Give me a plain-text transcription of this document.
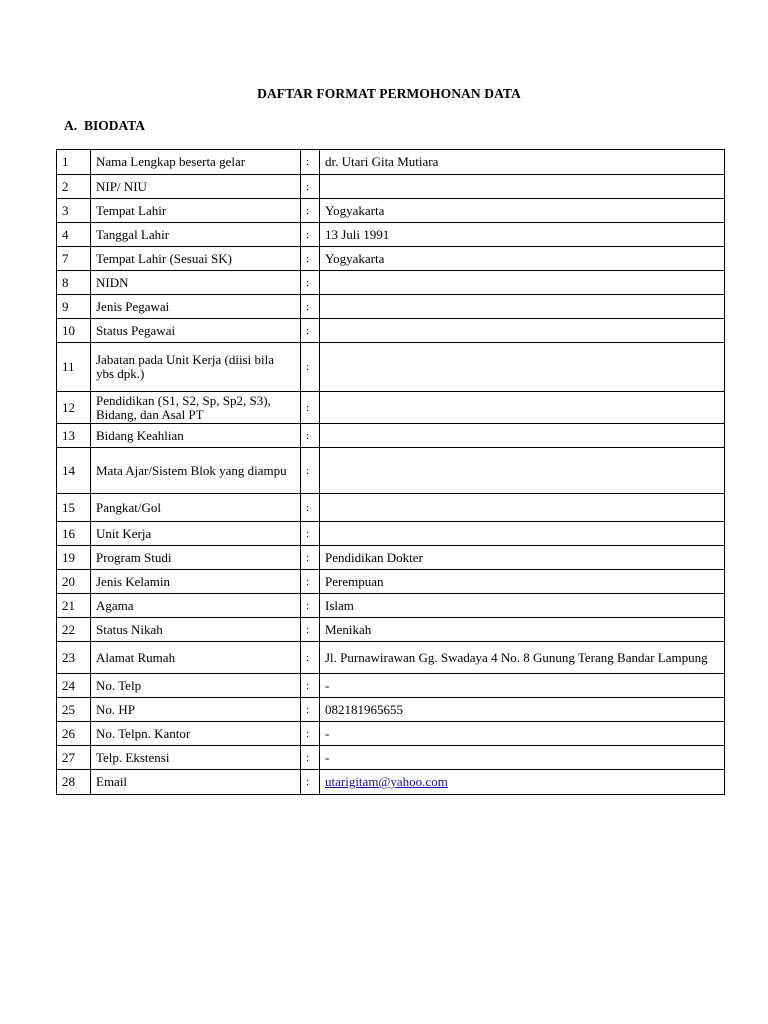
DAFTAR FORMAT PERMOHONAN DATA
A. BIODATA
1	Nama Lengkap beserta gelar	:	dr. Utari Gita Mutiara
2	NIP/ NIU	:	
3	Tempat Lahir	:	Yogyakarta
4	Tanggal Lahir	:	13 Juli 1991
7	Tempat Lahir (Sesuai SK)	:	Yogyakarta
8	NIDN	:	
9	Jenis Pegawai	:	
10	Status Pegawai	:	
11	Jabatan pada Unit Kerja (diisi bila ybs dpk.)	:	
12	Pendidikan (S1, S2, Sp, Sp2, S3), Bidang, dan Asal PT	:	
13	Bidang Keahlian	:	
14	Mata Ajar/Sistem Blok yang diampu	:	
15	Pangkat/Gol	:	
16	Unit Kerja	:	
19	Program Studi	:	Pendidikan Dokter
20	Jenis Kelamin	:	Perempuan
21	Agama	:	Islam
22	Status Nikah	:	Menikah
23	Alamat Rumah	:	Jl. Purnawirawan Gg. Swadaya 4 No. 8 Gunung Terang Bandar Lampung
24	No. Telp	:	-
25	No. HP	:	082181965655
26	No. Telpn. Kantor	:	-
27	Telp. Ekstensi	:	-
28	Email	:	utarigitam@yahoo.com
